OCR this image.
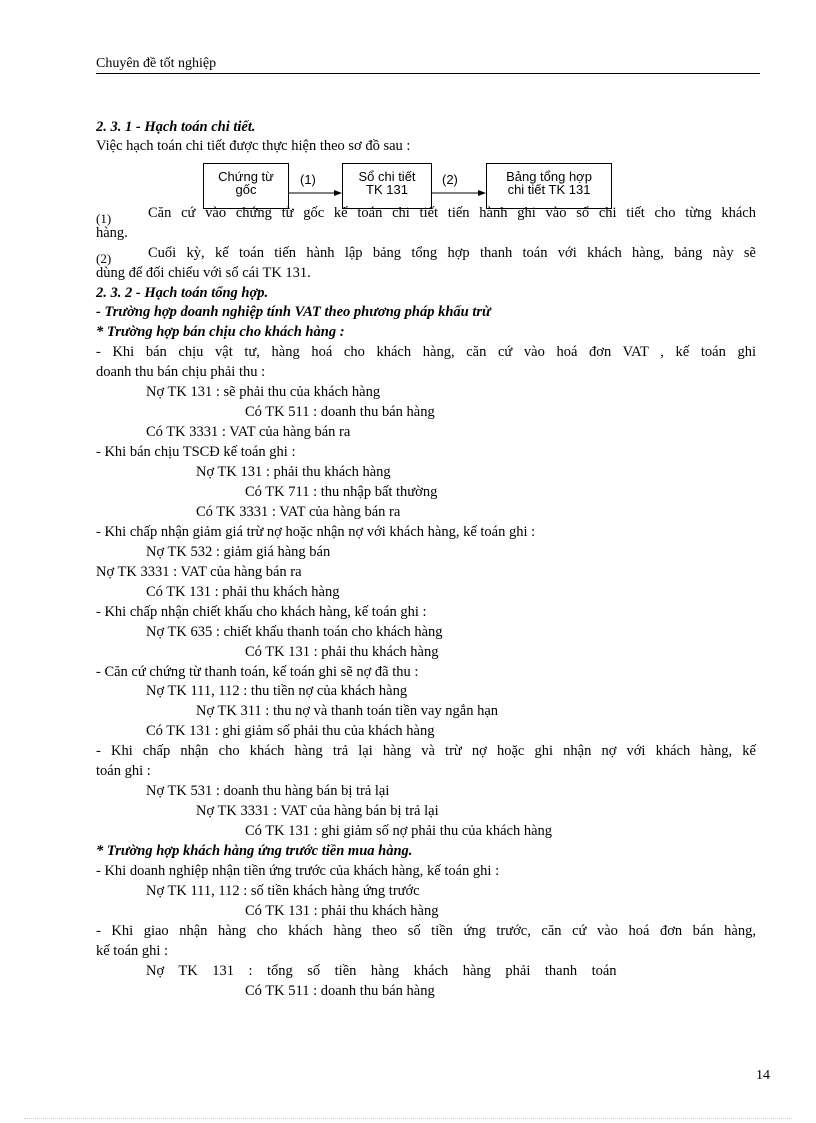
Chuyên đề tốt nghiệp
Chứng từ
gốc
(1)	Sổ chi tiết
TK 131
(2)	Bảng tổng hợp
chi tiết TK 131
2. 3. 1 - Hạch toán chi tiết.
Việc hạch toán chi tiết được thực hiện theo sơ đồ sau :
(1)	Căn cứ vào chứng từ gốc kế toán chi tiết tiến hành ghi vào sổ chi tiết cho từng khách
hàng.
(2)	Cuối kỳ, kế toán tiến hành lập bảng tổng hợp thanh toán với khách hàng, bảng này sẽ
dùng để đối chiếu với sổ cái TK 131.
2. 3. 2 - Hạch toán tổng hợp.
- Trường hợp doanh nghiệp tính VAT theo phương pháp khấu trừ
* Trường hợp bán chịu cho khách hàng :
- Khi bán chịu vật tư, hàng hoá cho khách hàng, căn cứ vào hoá đơn VAT , kế toán ghi
doanh thu bán chịu phải thu :
Nợ TK 131 : sẽ phải thu của khách hàng
Có TK 511 : doanh thu bán hàng
Có TK 3331 : VAT của hàng bán ra
- Khi bán chịu TSCĐ kế toán ghi :
Nợ TK 131 : phải thu khách hàng
Có TK 711 : thu nhập bất thường
Có TK 3331 : VAT của hàng bán ra
- Khi chấp nhận giảm giá trừ nợ hoặc nhận nợ với khách hàng, kế toán ghi :
Nợ TK 532 : giảm giá hàng bán
Nợ TK 3331 : VAT của hàng bán ra
Có TK 131 : phải thu khách hàng
- Khi chấp nhận chiết khấu cho khách hàng, kế toán ghi :
Nợ TK 635 : chiết khấu thanh toán cho khách hàng
Có TK 131 : phải thu khách hàng
- Căn cứ chứng từ thanh toán, kế toán ghi sẽ nợ đã thu :
Nợ TK 111, 112 : thu tiền nợ của khách hàng
Nợ TK 311 : thu nợ và thanh toán tiền vay ngắn hạn
Có TK 131 : ghi giảm số phải thu của khách hàng
- Khi chấp nhận cho khách hàng trả lại hàng và trừ nợ hoặc ghi nhận nợ với khách hàng, kế
toán ghi :
Nợ TK 531 : doanh thu hàng bán bị trả lại
Nợ TK 3331 : VAT của hàng bán bị trả lại
Có TK 131 : ghi giảm số nợ phải thu của khách hàng
* Trường hợp khách hàng ứng trước tiền mua hàng.
- Khi doanh nghiệp nhận tiền ứng trước của khách hàng, kế toán ghi :
Nợ TK 111, 112 : số tiền khách hàng ứng trước
Có TK 131 : phải thu khách hàng
- Khi giao nhận hàng cho khách hàng theo số tiền ứng trước, căn cứ vào hoá đơn bán hàng,
kế toán ghi :
Nợ    TK    131    :    tổng    số    tiền    hàng    khách    hàng    phải    thanh    toán
Có TK 511 : doanh thu bán hàng
14
